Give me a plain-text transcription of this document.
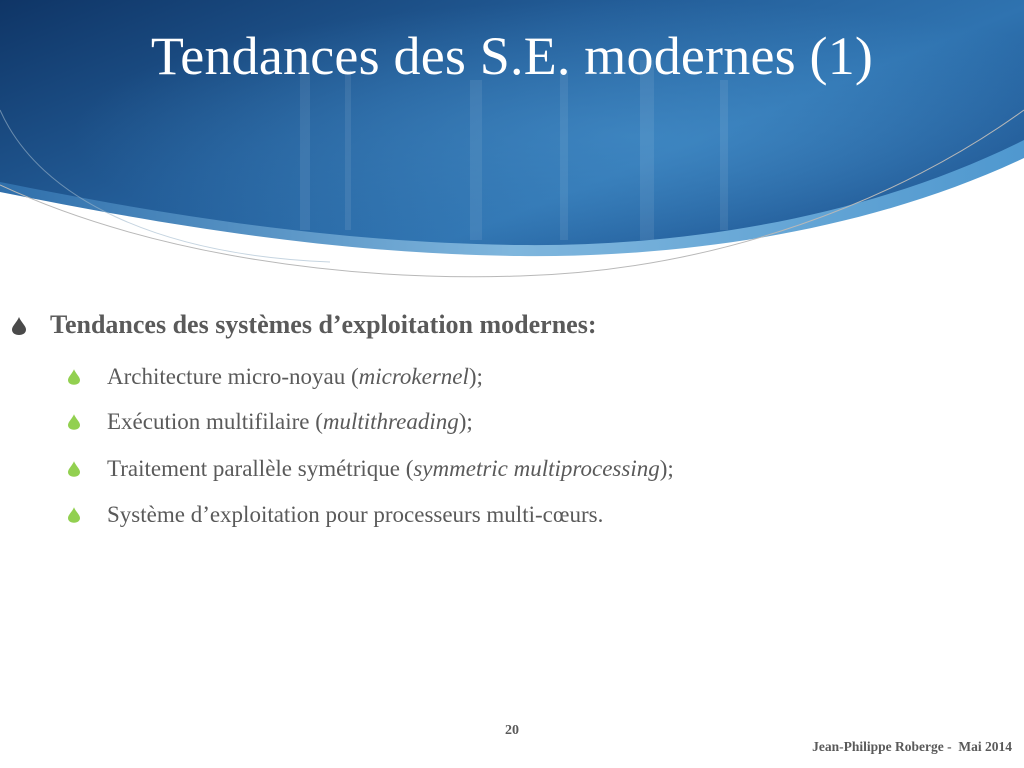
Tendances des S.E. modernes (1)
Tendances des systèmes d’exploitation modernes:
Architecture micro-noyau (microkernel);
Exécution multifilaire (multithreading);
Traitement parallèle symétrique (symmetric multiprocessing);
Système d’exploitation pour processeurs multi-cœurs.
20
Jean-Philippe Roberge -  Mai 2014
